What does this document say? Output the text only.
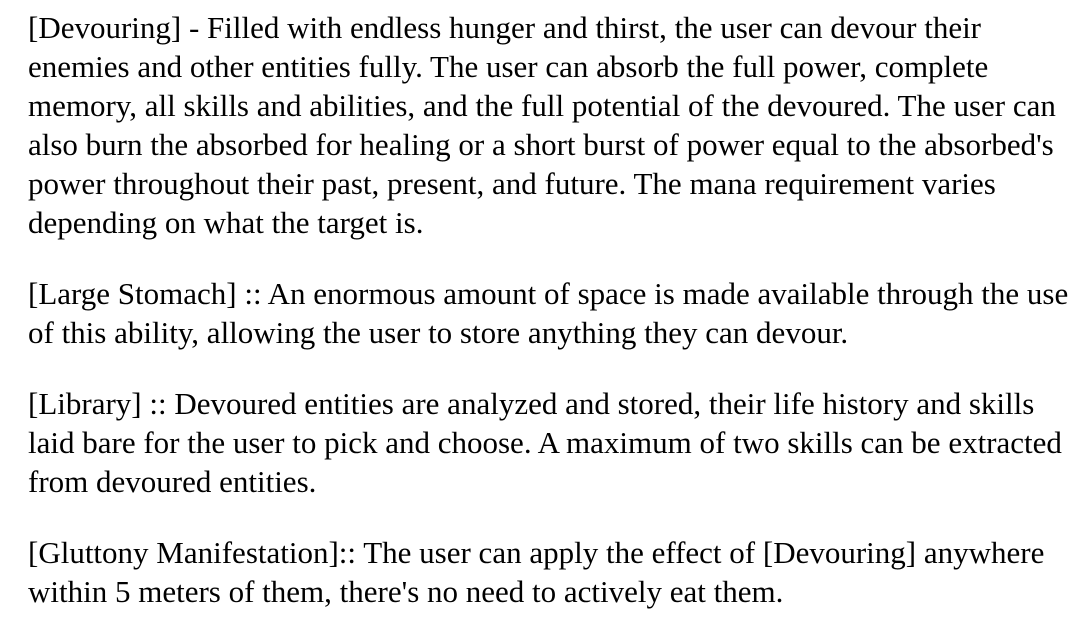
[Devouring] - Filled with endless hunger and thirst, the user can devour their enemies and other entities fully. The user can absorb the full power, complete memory, all skills and abilities, and the full potential of the devoured. The user can also burn the absorbed for healing or a short burst of power equal to the absorbed's power throughout their past, present, and future. The mana requirement varies depending on what the target is.

[Large Stomach] :: An enormous amount of space is made available through the use of this ability, allowing the user to store anything they can devour.

[Library] :: Devoured entities are analyzed and stored, their life history and skills laid bare for the user to pick and choose. A maximum of two skills can be extracted from devoured entities.

[Gluttony Manifestation]:: The user can apply the effect of [Devouring] anywhere within 5 meters of them, there's no need to actively eat them.
